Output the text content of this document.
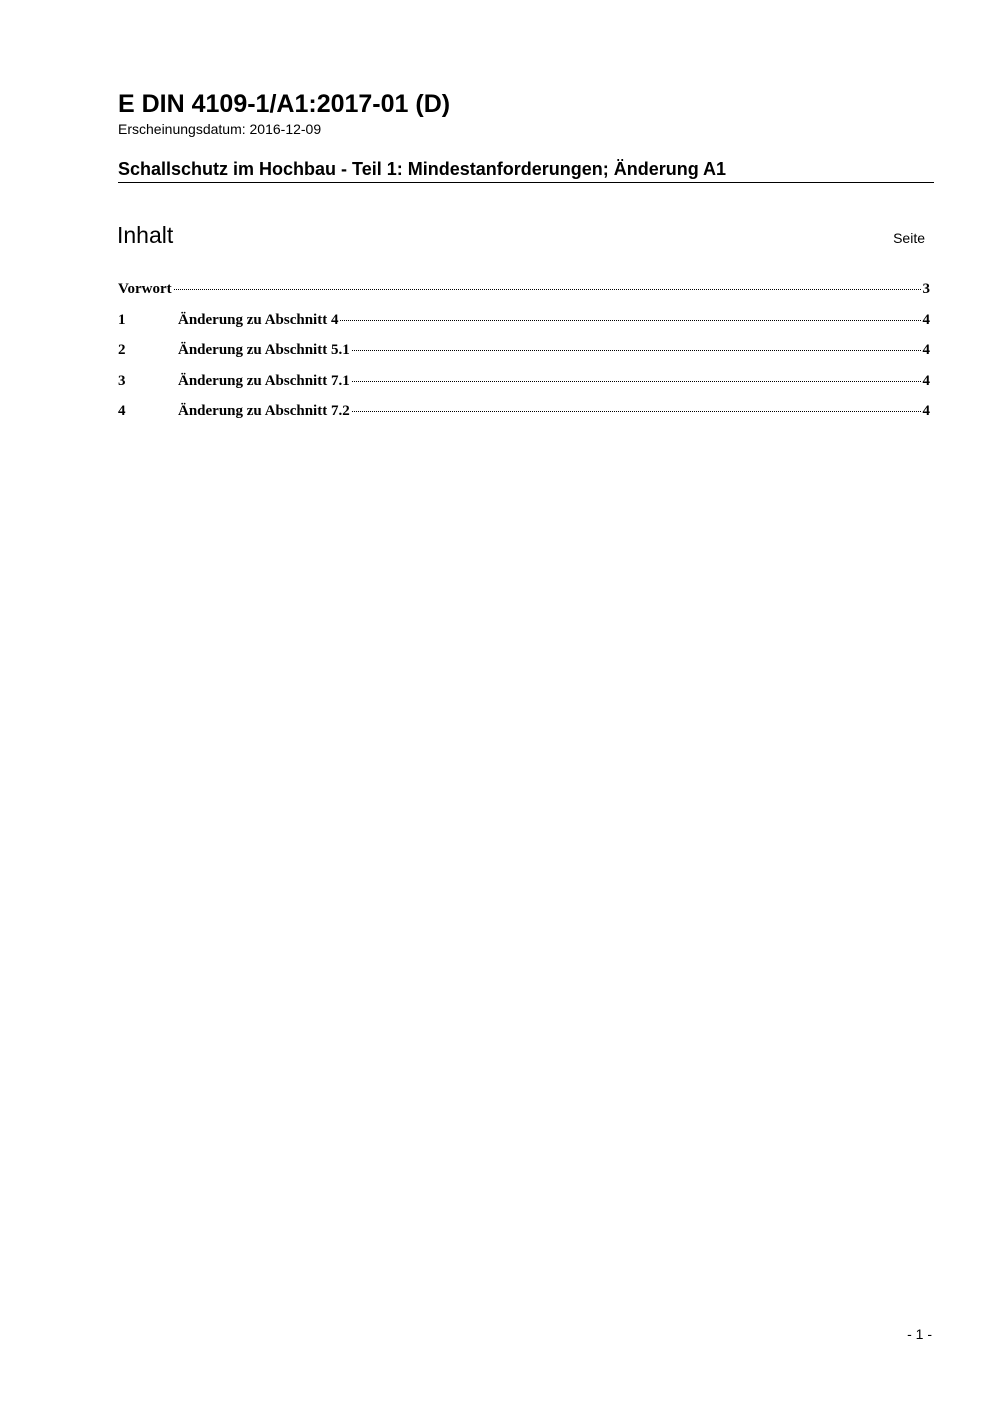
E DIN 4109-1/A1:2017-01 (D)
Erscheinungsdatum: 2016-12-09
Schallschutz im Hochbau - Teil 1: Mindestanforderungen; Änderung A1
Inhalt	Seite
Vorwort	3
1	Änderung zu Abschnitt 4	4
2	Änderung zu Abschnitt 5.1	4
3	Änderung zu Abschnitt 7.1	4
4	Änderung zu Abschnitt 7.2	4
- 1 -
